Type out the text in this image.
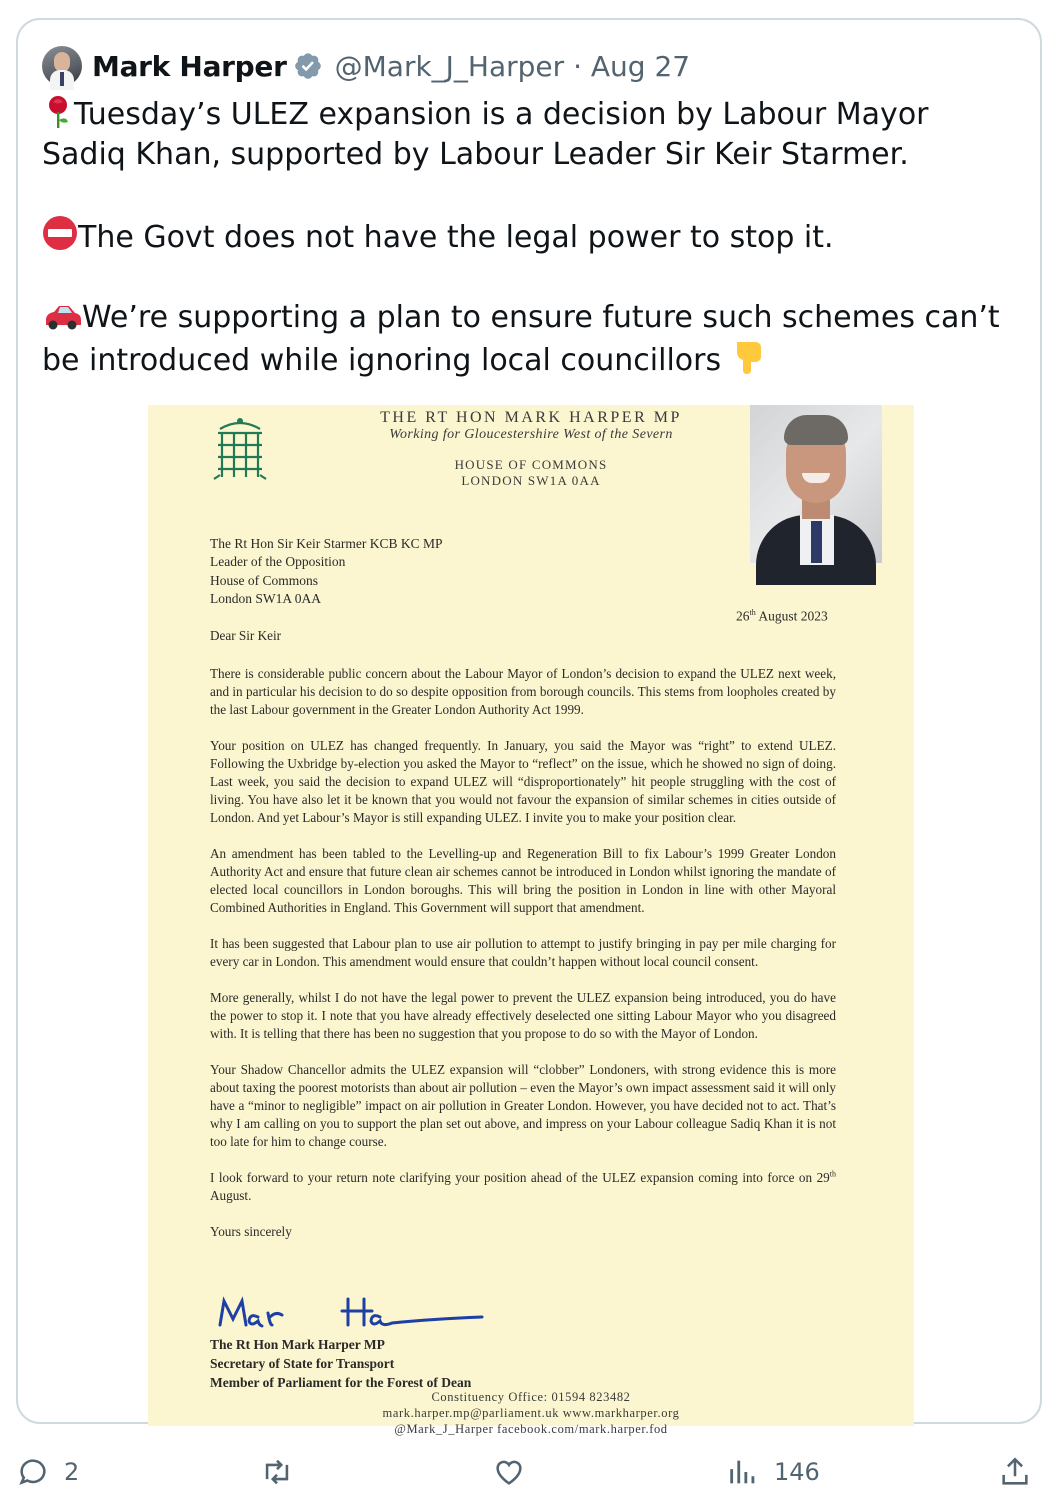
Mark Harper @Mark_J_Harper · Aug 27

Tuesday’s ULEZ expansion is a decision by Labour Mayor Sadiq Khan, supported by Labour Leader Sir Keir Starmer.

The Govt does not have the legal power to stop it.

We’re supporting a plan to ensure future such schemes can’t be introduced while ignoring local councillors

THE RT HON MARK HARPER MP
Working for Gloucestershire West of the Severn
HOUSE OF COMMONS
LONDON SW1A 0AA
The Rt Hon Sir Keir Starmer KCB KC MP
Leader of the Opposition
House of Commons
London SW1A 0AA
26th August 2023

Dear Sir Keir

There is considerable public concern about the Labour Mayor of London’s decision to expand the ULEZ next week, and in particular his decision to do so despite opposition from borough councils. This stems from loopholes created by the last Labour government in the Greater London Authority Act 1999.

Your position on ULEZ has changed frequently. In January, you said the Mayor was “right” to extend ULEZ. Following the Uxbridge by-election you asked the Mayor to “reflect” on the issue, which he showed no sign of doing. Last week, you said the decision to expand ULEZ will “disproportionately” hit people struggling with the cost of living. You have also let it be known that you would not favour the expansion of similar schemes in cities outside of London. And yet Labour’s Mayor is still expanding ULEZ. I invite you to make your position clear.

An amendment has been tabled to the Levelling-up and Regeneration Bill to fix Labour’s 1999 Greater London Authority Act and ensure that future clean air schemes cannot be introduced in London whilst ignoring the mandate of elected local councillors in London boroughs. This will bring the position in London in line with other Mayoral Combined Authorities in England. This Government will support that amendment.

It has been suggested that Labour plan to use air pollution to attempt to justify bringing in pay per mile charging for every car in London. This amendment would ensure that couldn’t happen without local council consent.

More generally, whilst I do not have the legal power to prevent the ULEZ expansion being introduced, you do have the power to stop it. I note that you have already effectively deselected one sitting Labour Mayor who you disagreed with. It is telling that there has been no suggestion that you propose to do so with the Mayor of London.

Your Shadow Chancellor admits the ULEZ expansion will “clobber” Londoners, with strong evidence this is more about taxing the poorest motorists than about air pollution – even the Mayor’s own impact assessment said it will only have a “minor to negligible” impact on air pollution in Greater London. However, you have decided not to act. That’s why I am calling on you to support the plan set out above, and impress on your Labour colleague Sadiq Khan it is not too late for him to change course.

I look forward to your return note clarifying your position ahead of the ULEZ expansion coming into force on 29th August.

Yours sincerely

The Rt Hon Mark Harper MP
Secretary of State for Transport
Member of Parliament for the Forest of Dean
Constituency Office: 01594 823482
mark.harper.mp@parliament.uk www.markharper.org
@Mark_J_Harper facebook.com/mark.harper.fod
2	146
